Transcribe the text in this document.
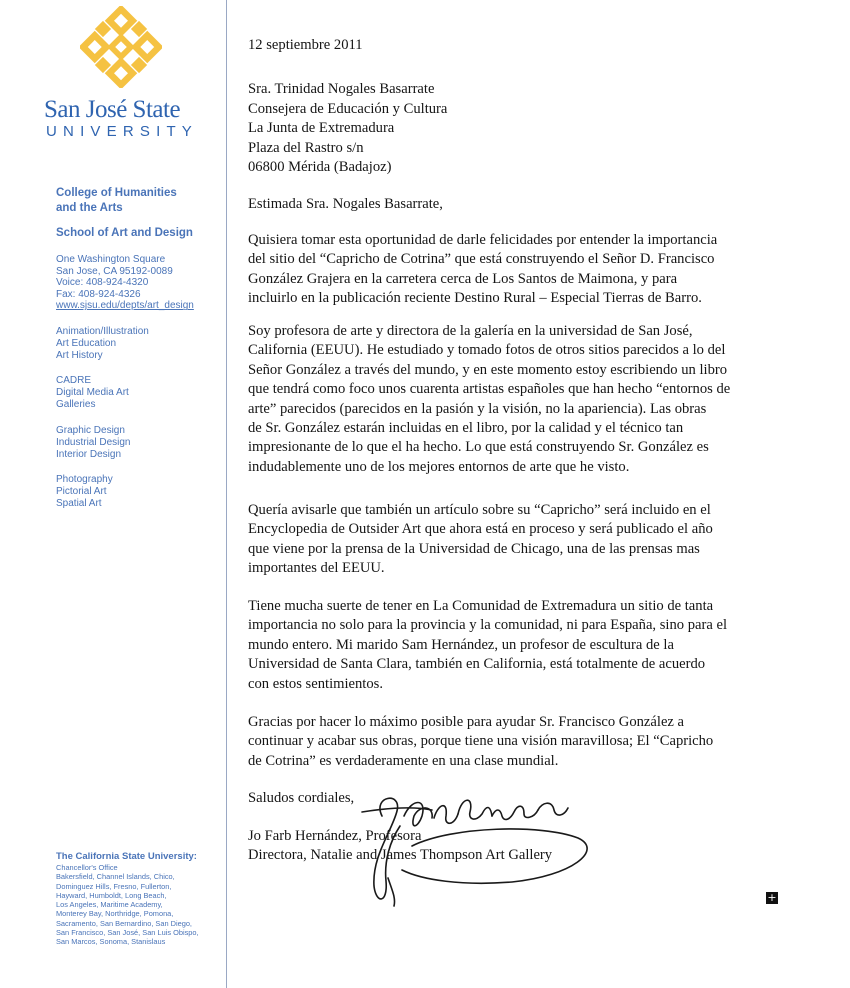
San José State
UNIVERSITY
College of Humanities
and the Arts
School of Art and Design
One Washington Square
San Jose, CA 95192-0089
Voice: 408-924-4320
Fax: 408-924-4326
www.sjsu.edu/depts/art_design
Animation/Illustration
Art Education
Art History
CADRE
Digital Media Art
Galleries
Graphic Design
Industrial Design
Interior Design
Photography
Pictorial Art
Spatial Art
The California State University:
Chancellor's Office
Bakersfield, Channel Islands, Chico,
Dominguez Hills, Fresno, Fullerton,
Hayward, Humboldt, Long Beach,
Los Angeles, Maritime Academy,
Monterey Bay, Northridge, Pomona,
Sacramento, San Bernardino, San Diego,
San Francisco, San José, San Luis Obispo,
San Marcos, Sonoma, Stanislaus
12 septiembre 2011
Sra. Trinidad Nogales Basarrate
Consejera de Educación y Cultura
La Junta de Extremadura
Plaza del Rastro s/n
06800 Mérida (Badajoz)
Estimada Sra. Nogales Basarrate,
Quisiera tomar esta oportunidad de darle felicidades por entender la importancia
del sitio del “Capricho de Cotrina” que está construyendo el Señor D. Francisco
González Grajera en la carretera cerca de Los Santos de Maimona, y para
incluirlo en la publicación reciente Destino Rural – Especial Tierras de Barro.
Soy profesora de arte y directora de la galería en la universidad de San José,
California (EEUU). He estudiado y tomado fotos de otros sitios parecidos a lo del
Señor González a través del mundo, y en este momento estoy escribiendo un libro
que tendrá como foco unos cuarenta artistas españoles que han hecho “entornos de
arte” parecidos (parecidos en la pasión y la visión, no la apariencia). Las obras
de Sr. González estarán incluidas en el libro, por la calidad y el técnico tan
impresionante de lo que el ha hecho. Lo que está construyendo Sr. González es
indudablemente uno de los mejores entornos de arte que he visto.
Quería avisarle que también un artículo sobre su “Capricho” será incluido en el
Encyclopedia de Outsider Art que ahora está en proceso y será publicado el año
que viene por la prensa de la Universidad de Chicago, una de las prensas mas
importantes del EEUU.
Tiene mucha suerte de tener en La Comunidad de Extremadura un sitio de tanta
importancia no solo para la provincia y la comunidad, ni para España, sino para el
mundo entero. Mi marido Sam Hernández, un profesor de escultura de la
Universidad de Santa Clara, también en California, está totalmente de acuerdo
con estos sentimientos.
Gracias por hacer lo máximo posible para ayudar Sr. Francisco González a
continuar y acabar sus obras, porque tiene una visión maravillosa; El “Capricho
de Cotrina” es verdaderamente en una clase mundial.
Saludos cordiales,
Jo Farb Hernández, Profesora
Directora, Natalie and James Thompson Art Gallery
+
